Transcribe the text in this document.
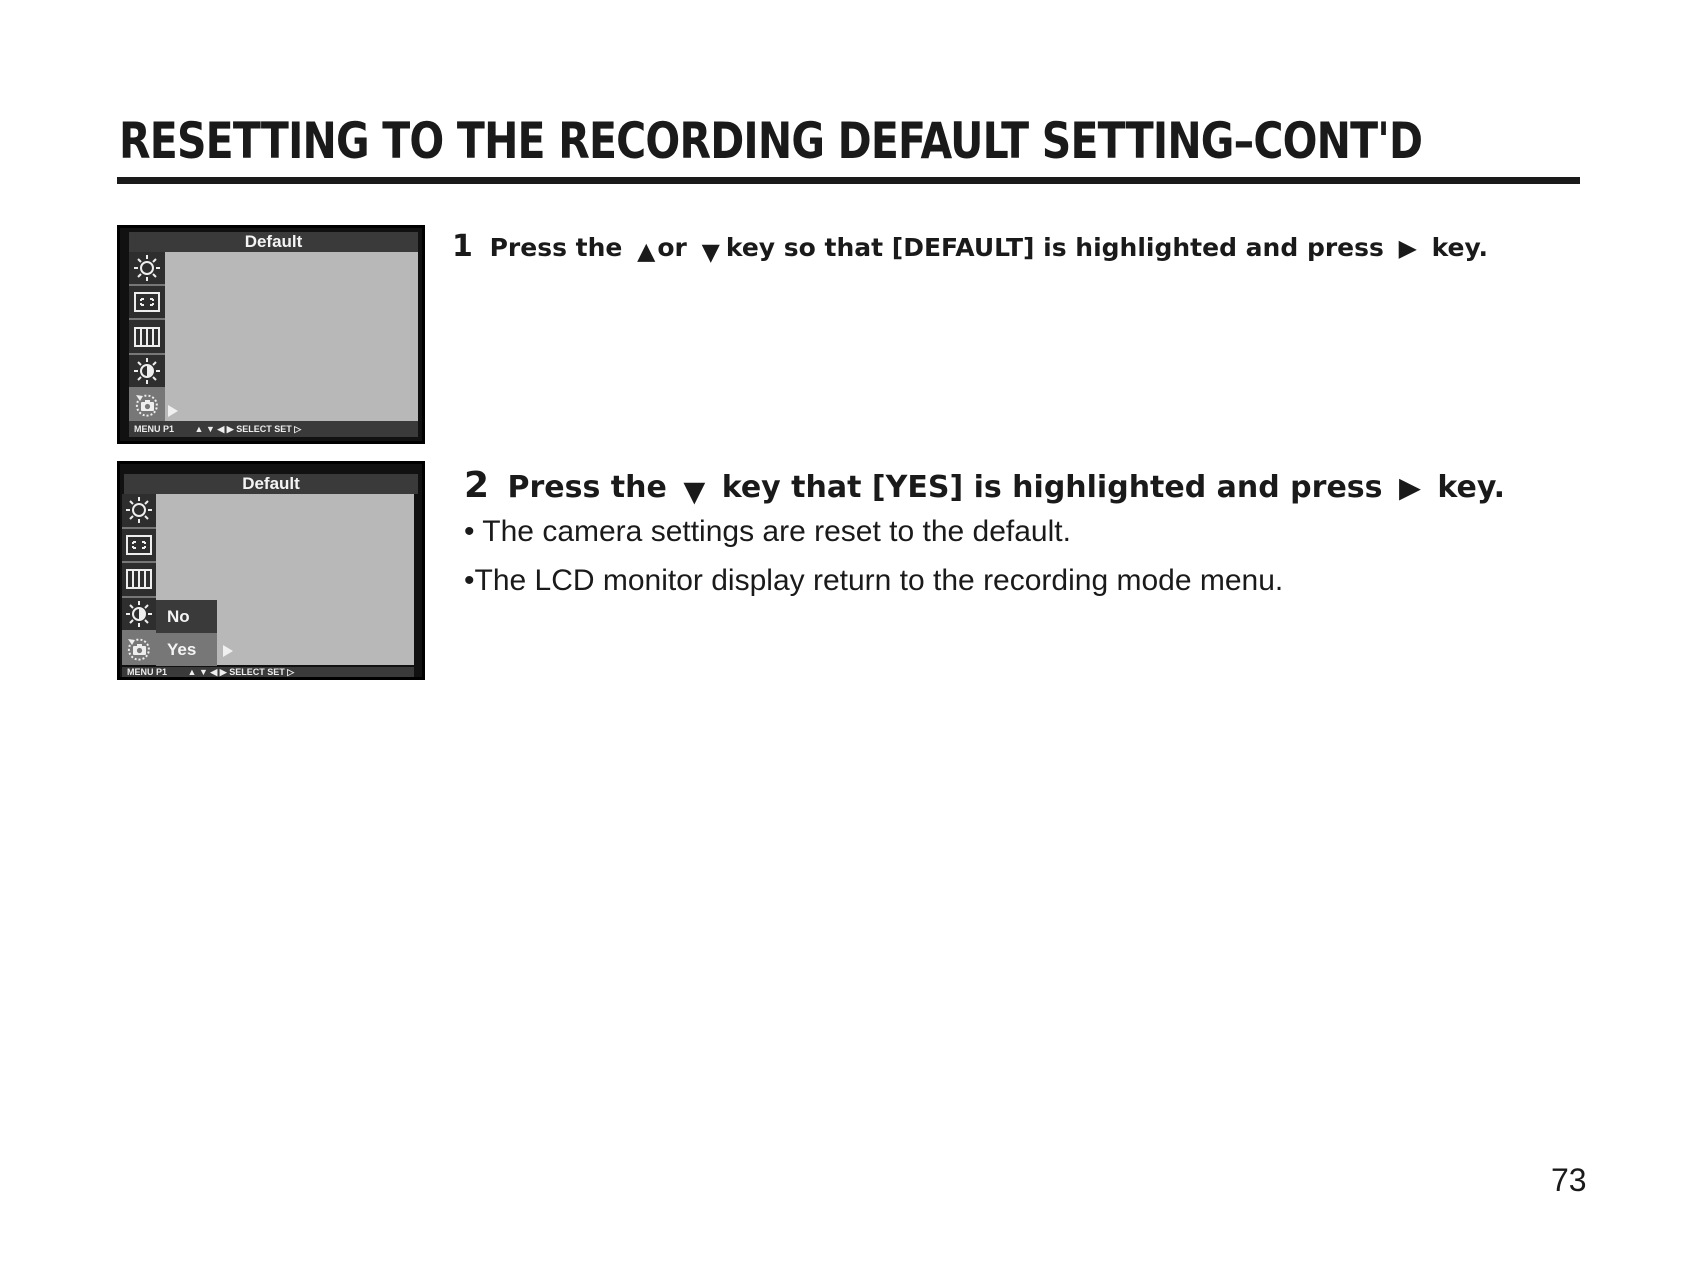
RESETTING TO THE RECORDING DEFAULT SETTING–CONT'D
Default
MENU P1 ▲ ▼ ◀ ▶ SELECT SET ▷
Default
No
Yes
MENU P1 ▲ ▼ ◀ ▶ SELECT SET ▷
1 Press the ▲or ▼ key so that [DEFAULT] is highlighted and press ▶ key.
2 Press the ▼ key that [YES] is highlighted and press ▶ key.
• The camera settings are reset to the default.
•The LCD monitor display return to the recording mode menu.
73
